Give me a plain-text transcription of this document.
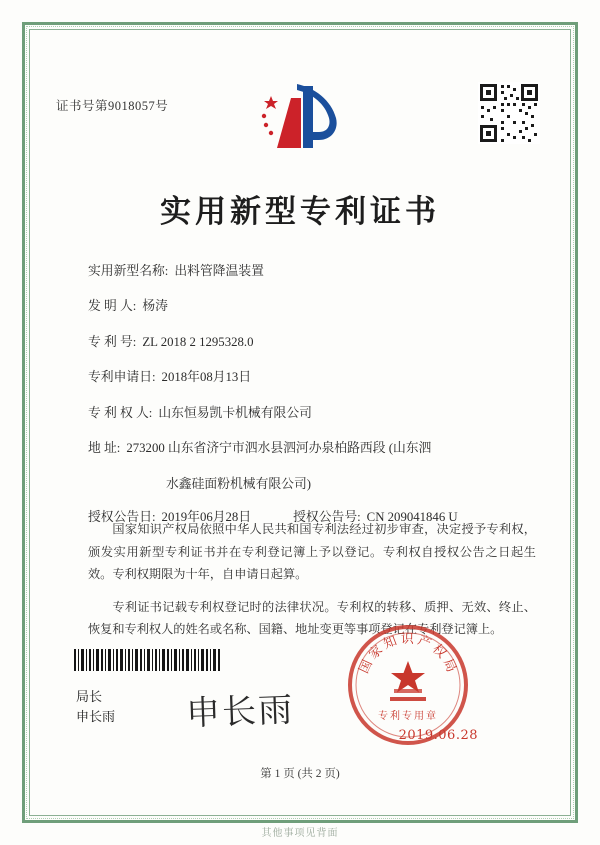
证书号第9018057号
实用新型专利证书
实用新型名称: 出料管降温装置
发 明 人: 杨涛
专 利 号: ZL 2018 2 1295328.0
专利申请日: 2018年08月13日
专 利 权 人: 山东恒易凯卡机械有限公司
地 址: 273200 山东省济宁市泗水县泗河办泉柏路西段 (山东泗
水鑫硅面粉机械有限公司)
授权公告日: 2019年06月28日	授权公告号: CN 209041846 U

国家知识产权局依照中华人民共和国专利法经过初步审查，决定授予专利权，颁发实用新型专利证书并在专利登记簿上予以登记。专利权自授权公告之日起生效。专利权期限为十年，自申请日起算。

专利证书记载专利权登记时的法律状况。专利权的转移、质押、无效、终止、恢复和专利权人的姓名或名称、国籍、地址变更等事项登记在专利登记簿上。

局长
申长雨 申长雨
国家知识产权局
专利专用章
2019.06.28
第 1 页 (共 2 页)
其他事项见背面
